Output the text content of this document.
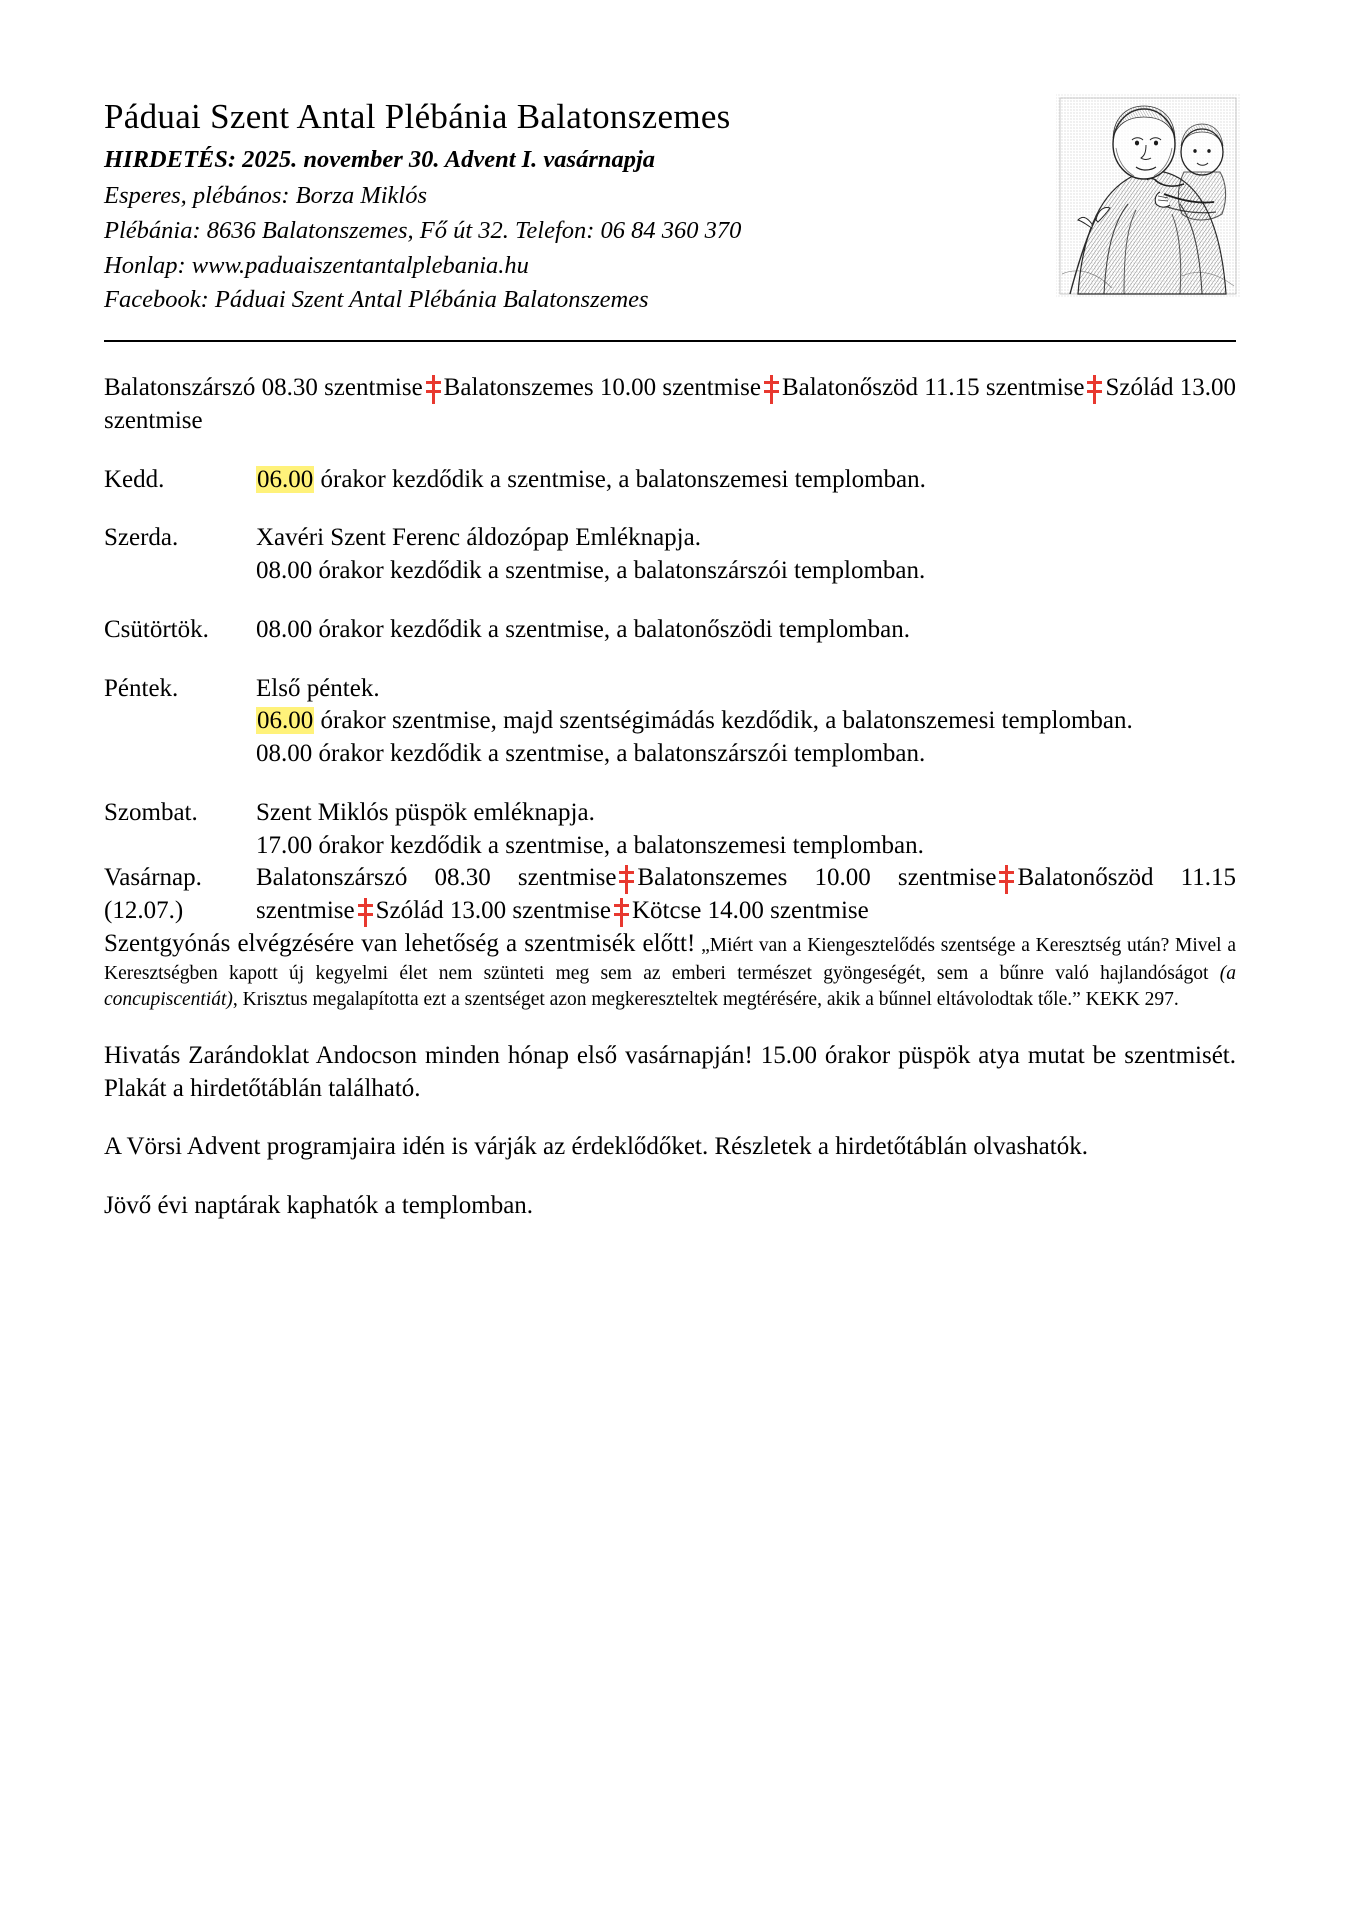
Páduai Szent Antal Plébánia Balatonszemes

HIRDETÉS: 2025. november 30. Advent I. vasárnapja

Esperes, plébános: Borza Miklós

Plébánia: 8636 Balatonszemes, Fő út 32. Telefon: 06 84 360 370

Honlap: www.paduaiszentantalplebania.hu

Facebook: Páduai Szent Antal Plébánia Balatonszemes

Balatonszárszó 08.30 szentmise Balatonszemes 10.00 szentmise Balatonőszöd 11.15 szentmise Szólád 13.00 szentmise

Kedd.	06.00 órakor kezdődik a szentmise, a balatonszemesi templomban.

Szerda.	Xavéri Szent Ferenc áldozópap Emléknapja.
08.00 órakor kezdődik a szentmise, a balatonszárszói templomban.

Csütörtök.	08.00 órakor kezdődik a szentmise, a balatonőszödi templomban.

Péntek.	Első péntek.
06.00 órakor szentmise, majd szentségimádás kezdődik, a balatonszemesi templomban.
08.00 órakor kezdődik a szentmise, a balatonszárszói templomban.

Szombat.	Szent Miklós püspök emléknapja.
17.00 órakor kezdődik a szentmise, a balatonszemesi templomban.

Vasárnap.
(12.07.)	Balatonszárszó 08.30 szentmise Balatonszemes 10.00 szentmise Balatonőszöd 11.15 szentmise Szólád 13.00 szentmise Kötcse 14.00 szentmise

Szentgyónás elvégzésére van lehetőség a szentmisék előtt! „Miért van a Kiengesztelődés szentsége a Keresztség után? Mivel a Keresztségben kapott új kegyelmi élet nem szünteti meg sem az emberi természet gyöngeségét, sem a bűnre való hajlandóságot (a concupiscentiát), Krisztus megalapította ezt a szentséget azon megkereszteltek megtérésére, akik a bűnnel eltávolodtak tőle.” KEKK 297.

Hivatás Zarándoklat Andocson minden hónap első vasárnapján! 15.00 órakor püspök atya mutat be szentmisét. Plakát a hirdetőtáblán található.

A Vörsi Advent programjaira idén is várják az érdeklődőket. Részletek a hirdetőtáblán olvashatók.

Jövő évi naptárak kaphatók a templomban.
